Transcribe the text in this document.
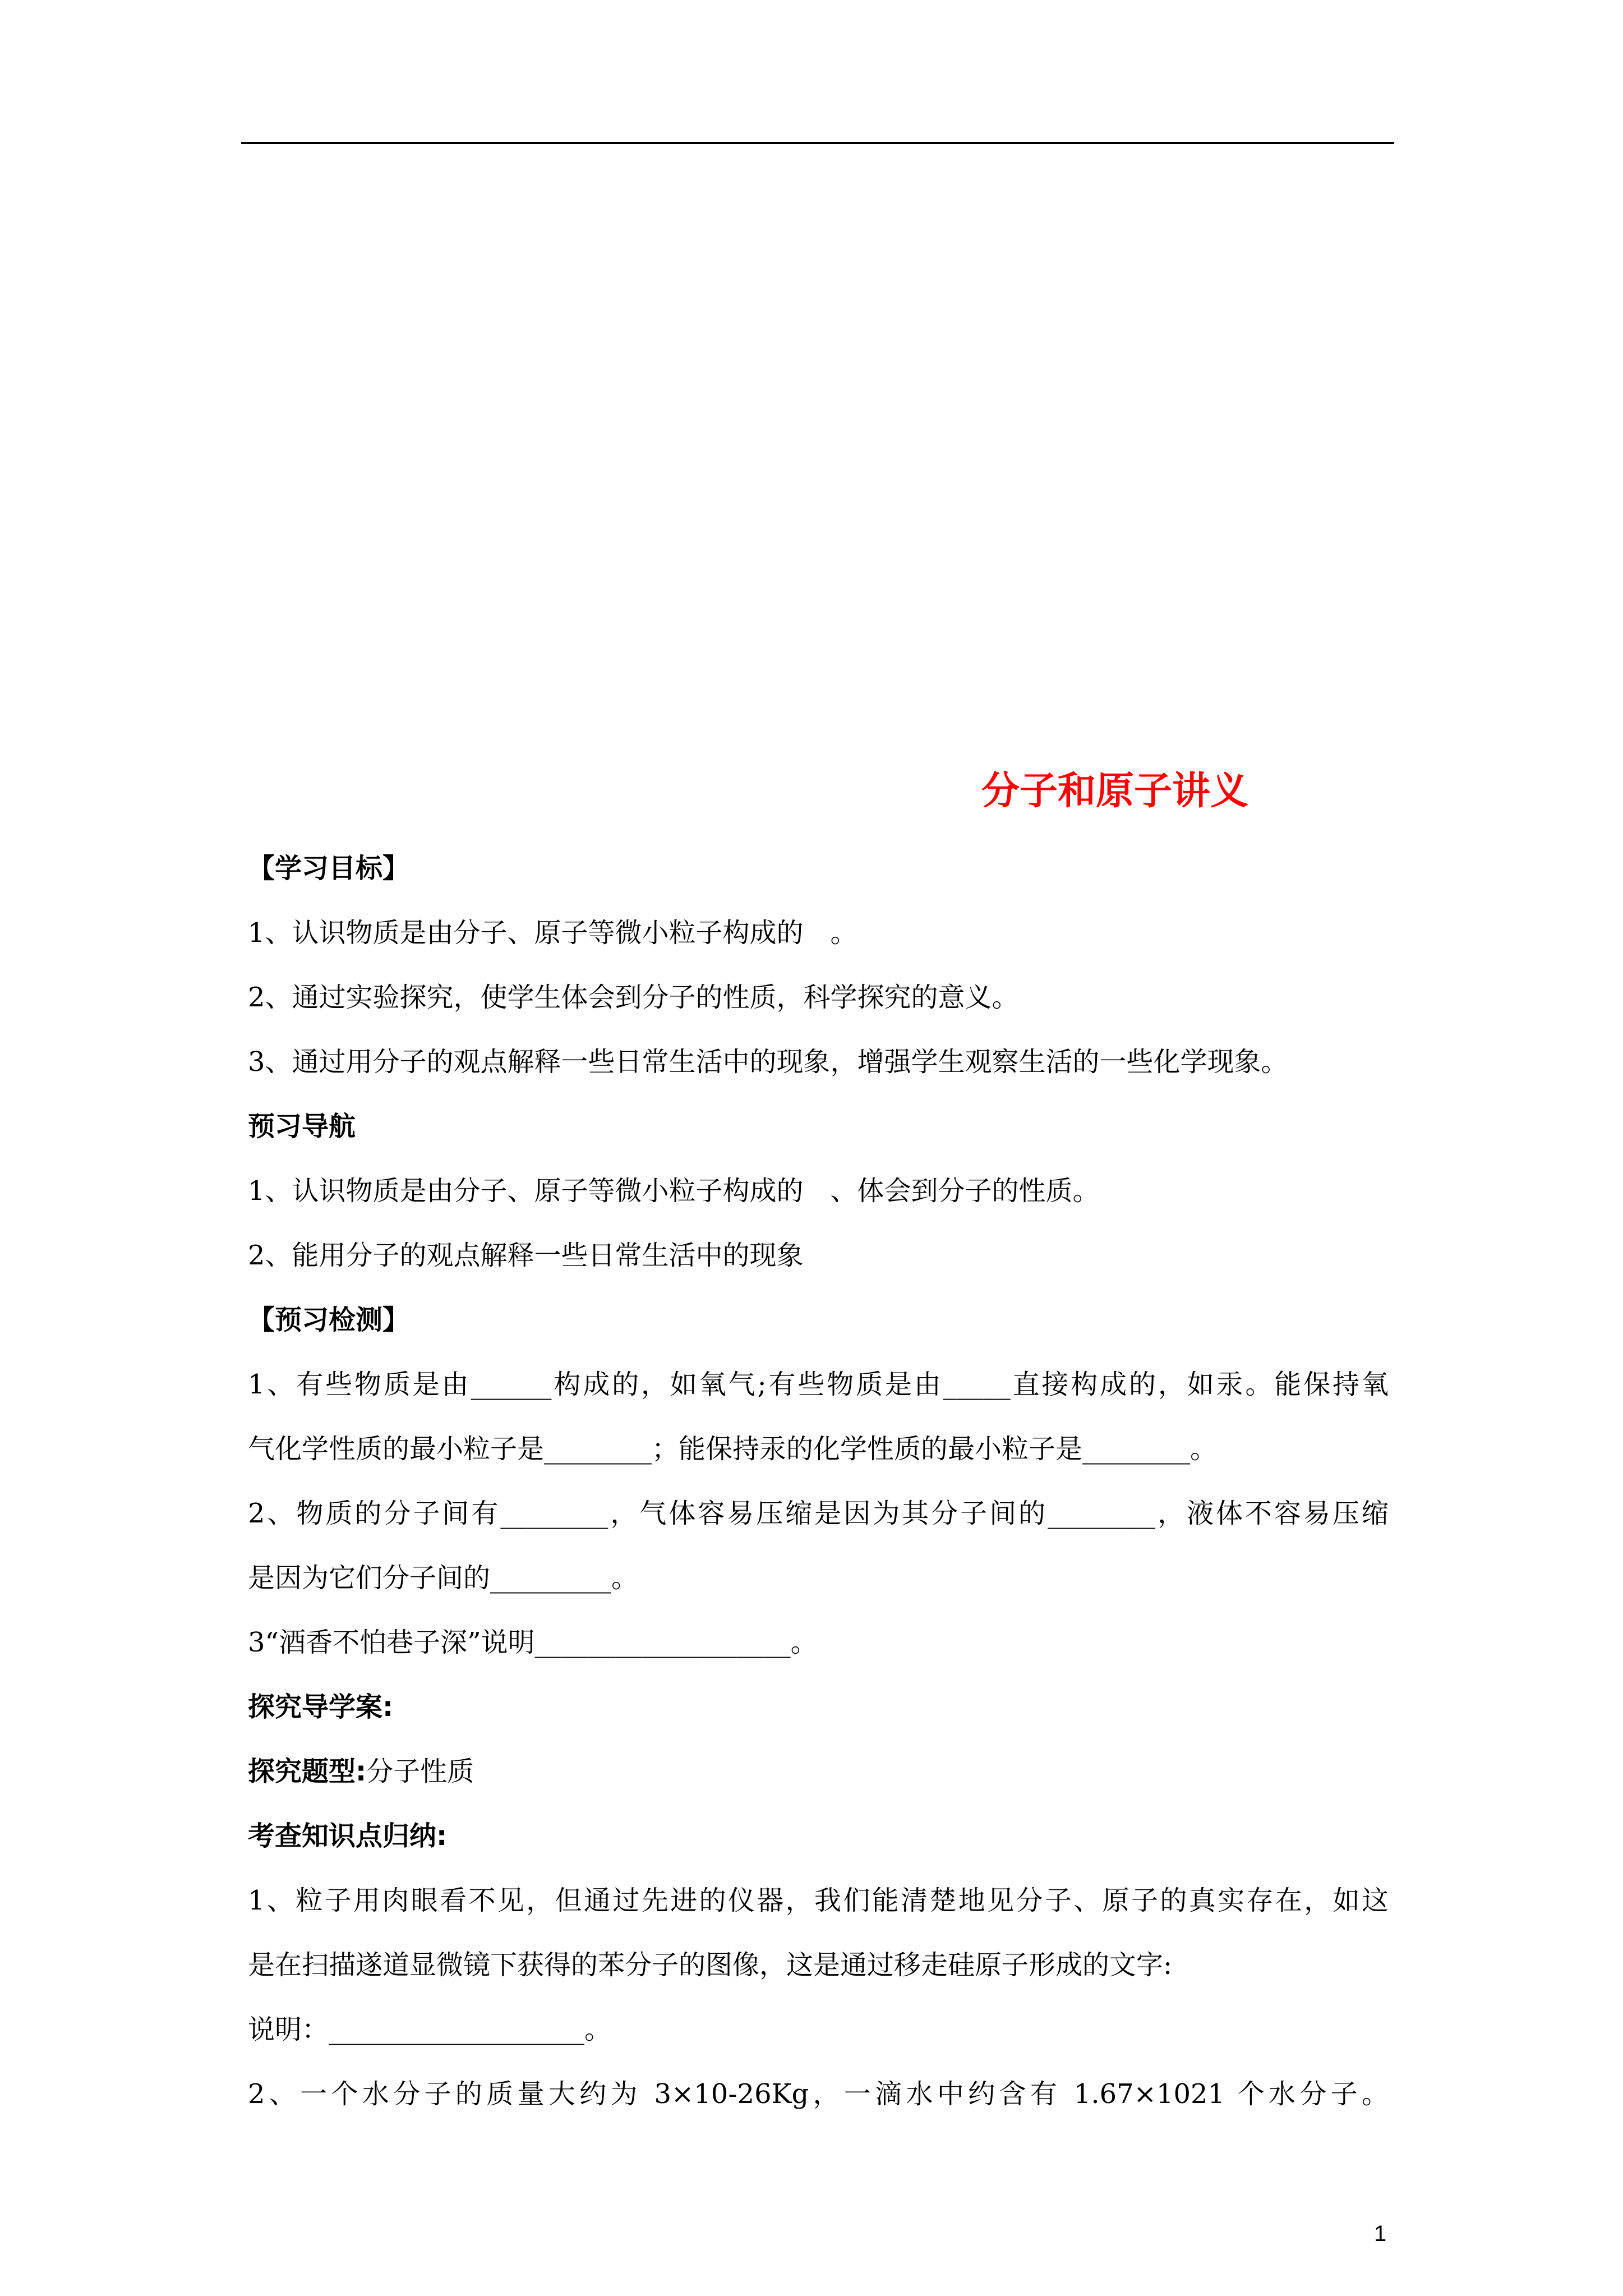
分子和原子讲义
【学习目标】
1、认识物质是由分子、原子等微小粒子构成的　。
2、通过实验探究，使学生体会到分子的性质，科学探究的意义。
3、通过用分子的观点解释一些日常生活中的现象，增强学生观察生活的一些化学现象。
预习导航
1、认识物质是由分子、原子等微小粒子构成的　、体会到分子的性质。
2、能用分子的观点解释一些日常生活中的现象
【预习检测】
1、有些物质是由______构成的，如氧气;有些物质是由_____直接构成的，如汞。能保持氧
气化学性质的最小粒子是________；能保持汞的化学性质的最小粒子是________。
2、物质的分子间有________，气体容易压缩是因为其分子间的________，液体不容易压缩
是因为它们分子间的_________。
3“酒香不怕巷子深”说明___________________。
探究导学案:
探究题型:分子性质
考查知识点归纳:
1、粒子用肉眼看不见，但通过先进的仪器，我们能清楚地见分子、原子的真实存在，如这
是在扫描遂道显微镜下获得的苯分子的图像，这是通过移走硅原子形成的文字:
说明：___________________。
2、一个水分子的质量大约为 3×10-26Kg，一滴水中约含有 1.67×1021 个水分子。
1
